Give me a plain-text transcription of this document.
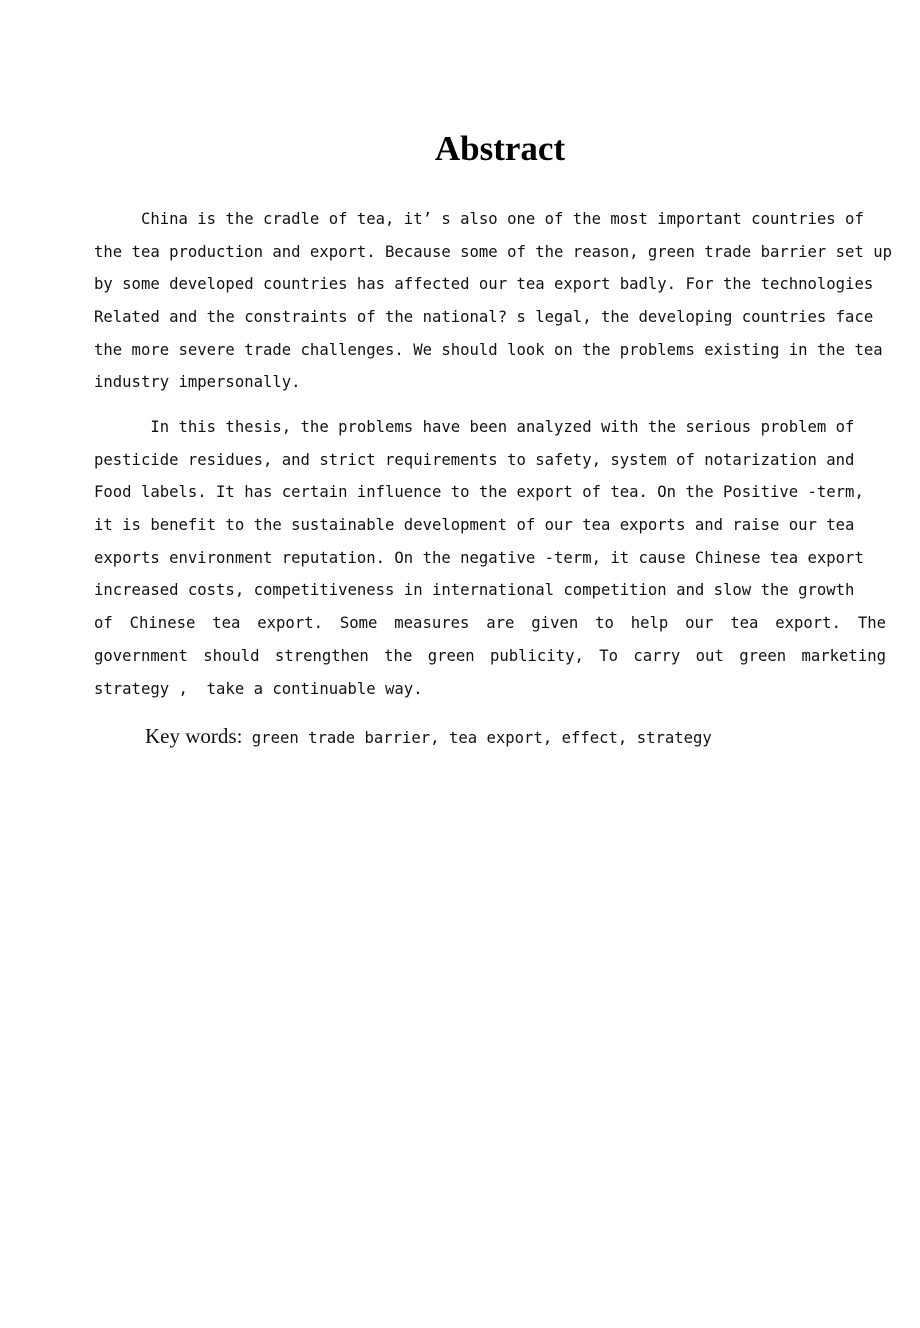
Abstract
China is the cradle of tea, it’ s also one of the most important countries of
the tea production and export. Because some of the reason, green trade barrier set up
by some developed countries has affected our tea export badly. For the technologies
Related and the constraints of the national? s legal, the developing countries face
the more severe trade challenges. We should look on the problems existing in the tea
industry impersonally.
In this thesis, the problems have been analyzed with the serious problem of
pesticide residues, and strict requirements to safety, system of notarization and
Food labels. It has certain influence to the export of tea. On the Positive -term,
it is benefit to the sustainable development of our tea exports and raise our tea
exports environment reputation. On the negative -term, it cause Chinese tea export
increased costs, competitiveness in international competition and slow the growth
of Chinese tea export. Some measures are given to help our tea export. The
government should strengthen the green publicity, To carry out green marketing
strategy ,  take a continuable way.
Key words: green trade barrier, tea export, effect, strategy
